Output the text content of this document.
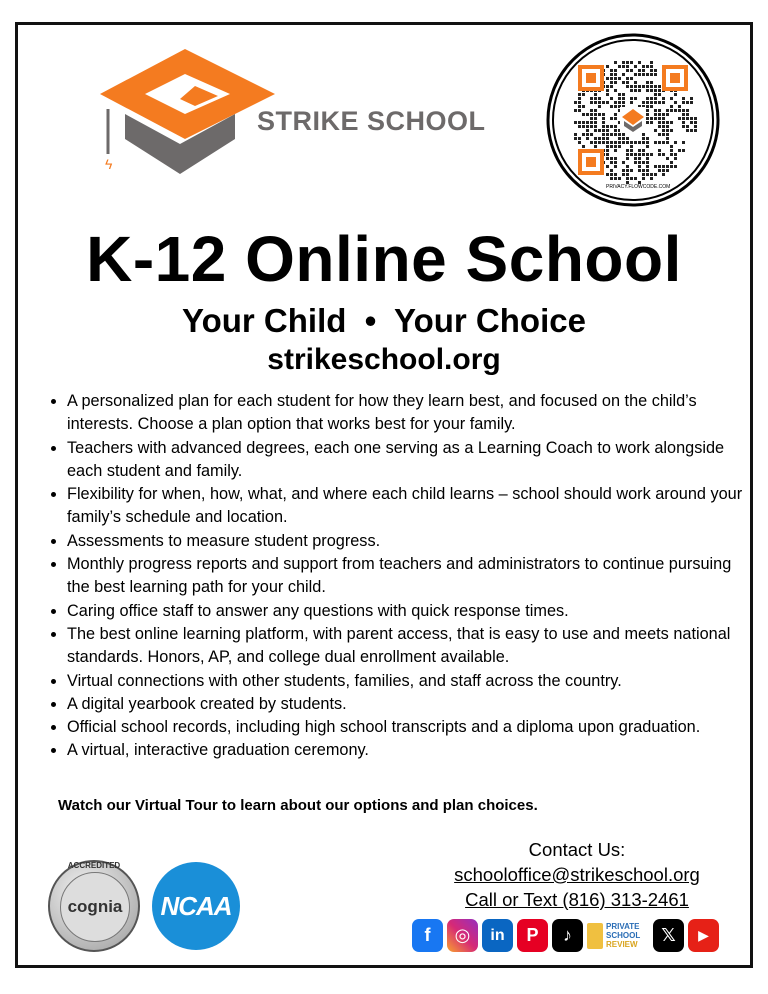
ϟ
STRIKE SCHOOL
PRIVACY.FLOWCODE.COM
K-12 Online School
Your Child  •  Your Choice
strikeschool.org
• A personalized plan for each student for how they learn best, and focused on the child’s interests. Choose a plan option that works best for your family.
• Teachers with advanced degrees, each one serving as a Learning Coach to work alongside each student and family.
• Flexibility for when, how, what, and where each child learns – school should work around your family’s schedule and location.
• Assessments to measure student progress.
• Monthly progress reports and support from teachers and administrators to continue pursuing the best learning path for your child.
• Caring office staff to answer any questions with quick response times.
• The best online learning platform, with parent access, that is easy to use and meets national standards. Honors, AP, and college dual enrollment available.
• Virtual connections with other students, families, and staff across the country.
• A digital yearbook created by students.
• Official school records, including high school transcripts and a diploma upon graduation.
• A virtual, interactive graduation ceremony.
Watch our Virtual Tour to learn about our options and plan choices.
Contact Us:
schooloffice@strikeschool.org
Call or Text (816) 313-2461
ACCREDITED
cognia	NCAA
f	◎	in	P	♪	PRIVATE
SCHOOL
REVIEW	𝕏	▶
